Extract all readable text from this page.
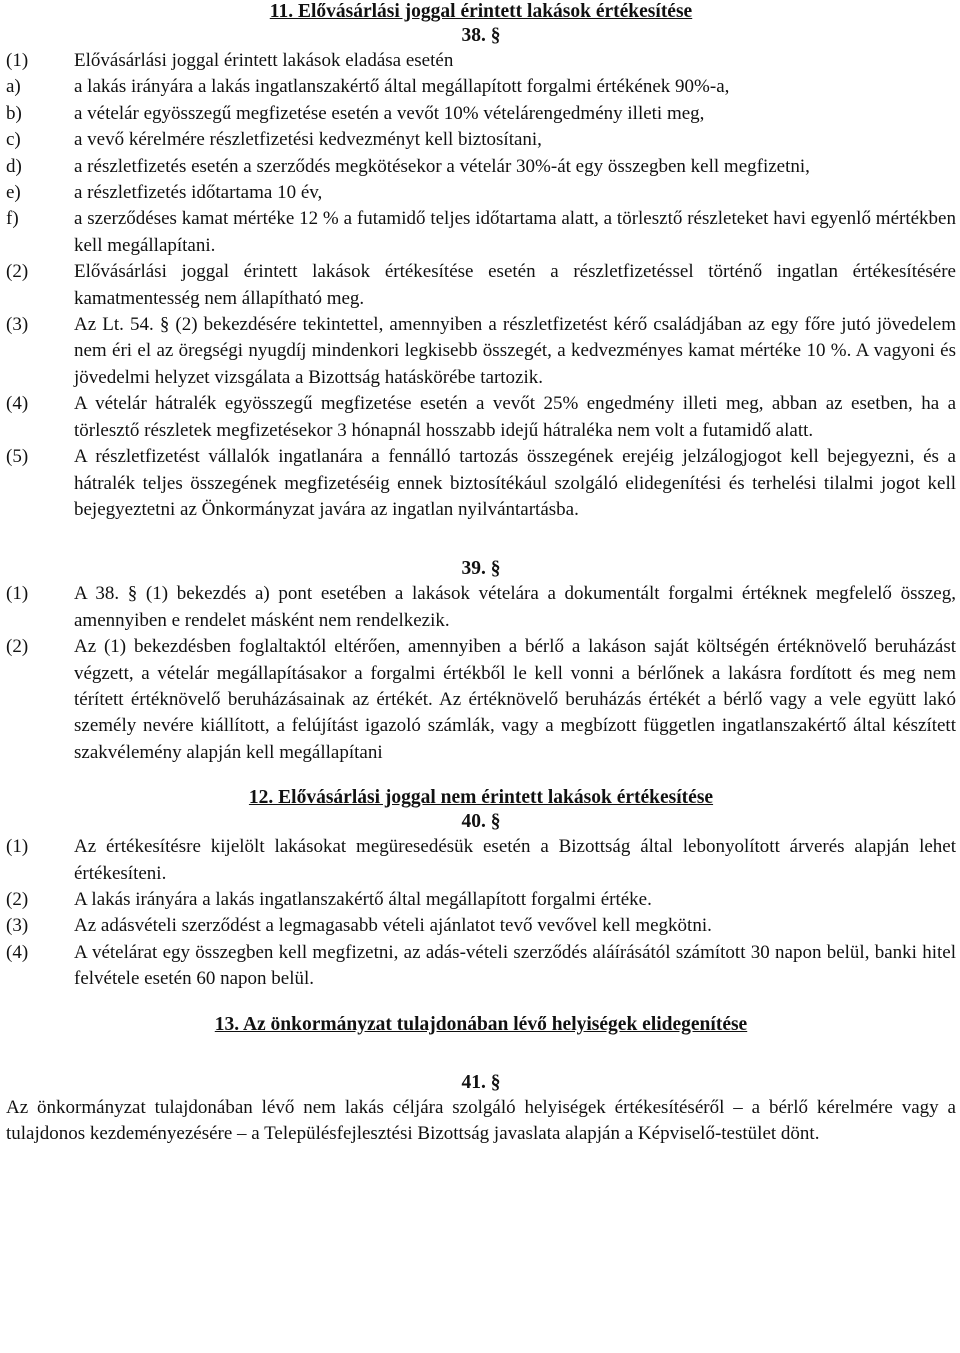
11. Elővásárlási joggal érintett lakások értékesítése

38. §

(1)	Elővásárlási joggal érintett lakások eladása esetén
a)	a lakás irányára a lakás ingatlanszakértő által megállapított forgalmi értékének 90%-a,
b)	a vételár egyösszegű megfizetése esetén a vevőt 10% vételárengedmény illeti meg,
c)	a vevő kérelmére részletfizetési kedvezményt kell biztosítani,
d)	a részletfizetés esetén a szerződés megkötésekor a vételár 30%-át egy összegben kell megfizetni,
e)	a részletfizetés időtartama 10 év,
f)	a szerződéses kamat mértéke 12 % a futamidő teljes időtartama alatt, a törlesztő részleteket havi egyenlő mértékben kell megállapítani.
(2)	Elővásárlási joggal érintett lakások értékesítése esetén a részletfizetéssel történő ingatlan értékesítésére kamatmentesség nem állapítható meg.
(3)	Az Lt. 54. § (2) bekezdésére tekintettel, amennyiben a részletfizetést kérő családjában az egy főre jutó jövedelem nem éri el az öregségi nyugdíj mindenkori legkisebb összegét, a kedvezményes kamat mértéke 10 %. A vagyoni és jövedelmi helyzet vizsgálata a Bizottság hatáskörébe tartozik.
(4)	A vételár hátralék egyösszegű megfizetése esetén a vevőt 25% engedmény illeti meg, abban az esetben, ha a törlesztő részletek megfizetésekor 3 hónapnál hosszabb idejű hátraléka nem volt a futamidő alatt.
(5)	A részletfizetést vállalók ingatlanára a fennálló tartozás összegének erejéig jelzálogjogot kell bejegyezni, és a hátralék teljes összegének megfizetéséig ennek biztosítékául szolgáló elidegenítési és terhelési tilalmi jogot kell bejegyeztetni az Önkormányzat javára az ingatlan nyilvántartásba.

39. §

(1)	A 38. § (1) bekezdés a) pont esetében a lakások vételára a dokumentált forgalmi értéknek megfelelő összeg, amennyiben e rendelet másként nem rendelkezik.
(2)	Az (1) bekezdésben foglaltaktól eltérően, amennyiben a bérlő a lakáson saját költségén értéknövelő beruházást végzett, a vételár megállapításakor a forgalmi értékből le kell vonni a bérlőnek a lakásra fordított és meg nem térített értéknövelő beruházásainak az értékét. Az értéknövelő beruházás értékét a bérlő vagy a vele együtt lakó személy nevére kiállított, a felújítást igazoló számlák, vagy a megbízott független ingatlanszakértő által készített szakvélemény alapján kell megállapítani

12. Elővásárlási joggal nem érintett lakások értékesítése

40. §

(1)	Az értékesítésre kijelölt lakásokat megüresedésük esetén a Bizottság által lebonyolított árverés alapján lehet értékesíteni.
(2)	A lakás irányára a lakás ingatlanszakértő által megállapított forgalmi értéke.
(3)	Az adásvételi szerződést a legmagasabb vételi ajánlatot tevő vevővel kell megkötni.
(4)	A vételárat egy összegben kell megfizetni, az adás-vételi szerződés aláírásától számított 30 napon belül, banki hitel felvétele esetén 60 napon belül.

13. Az önkormányzat tulajdonában lévő helyiségek elidegenítése

41. §

Az önkormányzat tulajdonában lévő nem lakás céljára szolgáló helyiségek értékesítéséről – a bérlő kérelmére vagy a tulajdonos kezdeményezésére – a Településfejlesztési Bizottság javaslata alapján a Képviselő-testület dönt.
